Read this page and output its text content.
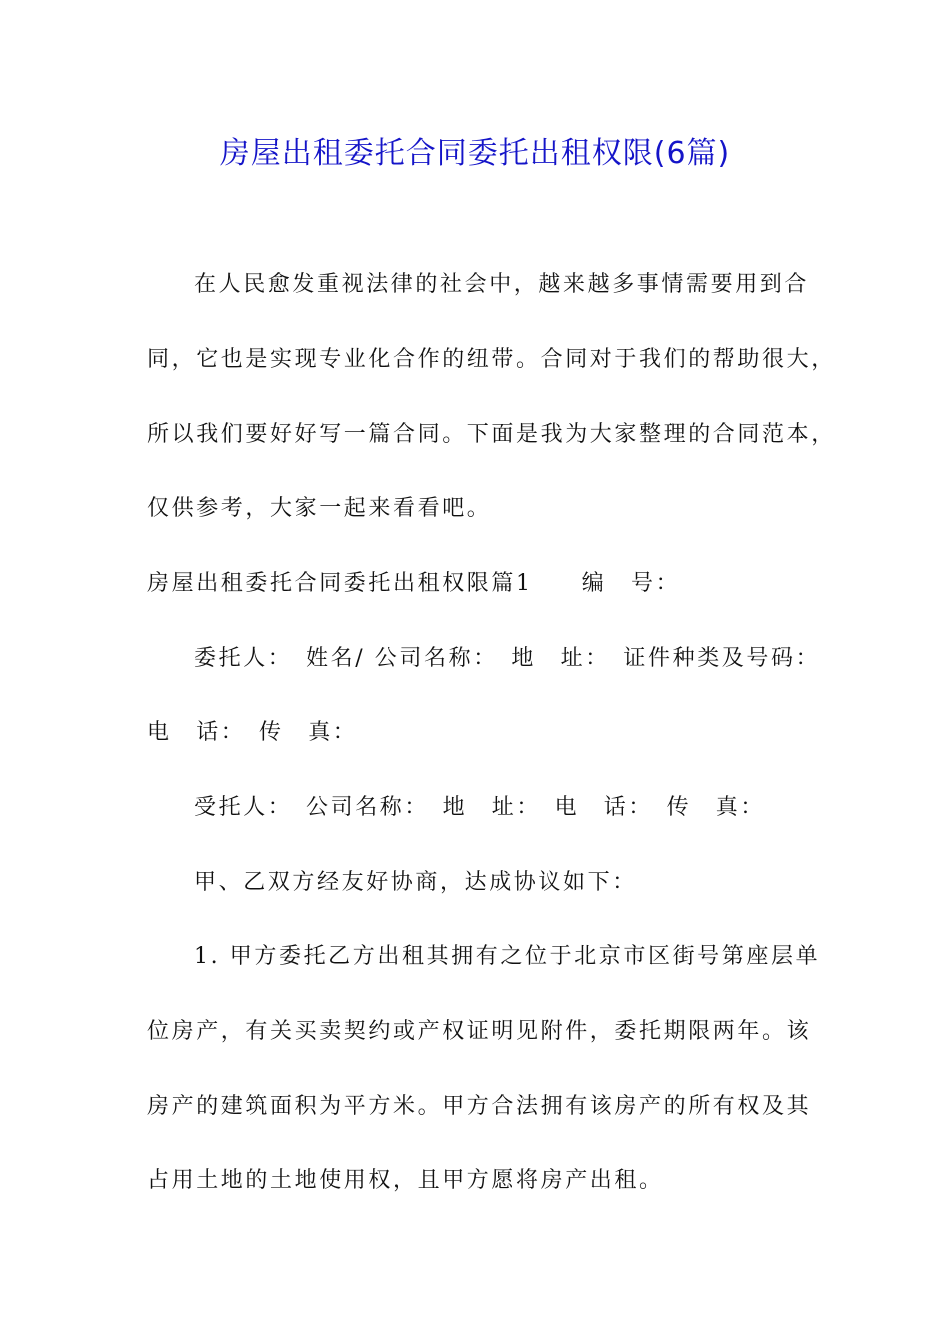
房屋出租委托合同委托出租权限(6篇)
在人民愈发重视法律的社会中，越来越多事情需要用到合
同，它也是实现专业化合作的纽带。合同对于我们的帮助很大，
所以我们要好好写一篇合同。下面是我为大家整理的合同范本，
仅供参考，大家一起来看看吧。
房屋出租委托合同委托出租权限篇1　　编　号：
委托人：　姓名/ 公司名称：　地　址：　证件种类及号码：
电　话：　传　真：
受托人：　公司名称：　地　址：　电　话：　传　真：
甲、乙双方经友好协商，达成协议如下：
1. 甲方委托乙方出租其拥有之位于北京市区街号第座层单
位房产，有关买卖契约或产权证明见附件，委托期限两年。该
房产的建筑面积为平方米。甲方合法拥有该房产的所有权及其
占用土地的土地使用权，且甲方愿将房产出租。
